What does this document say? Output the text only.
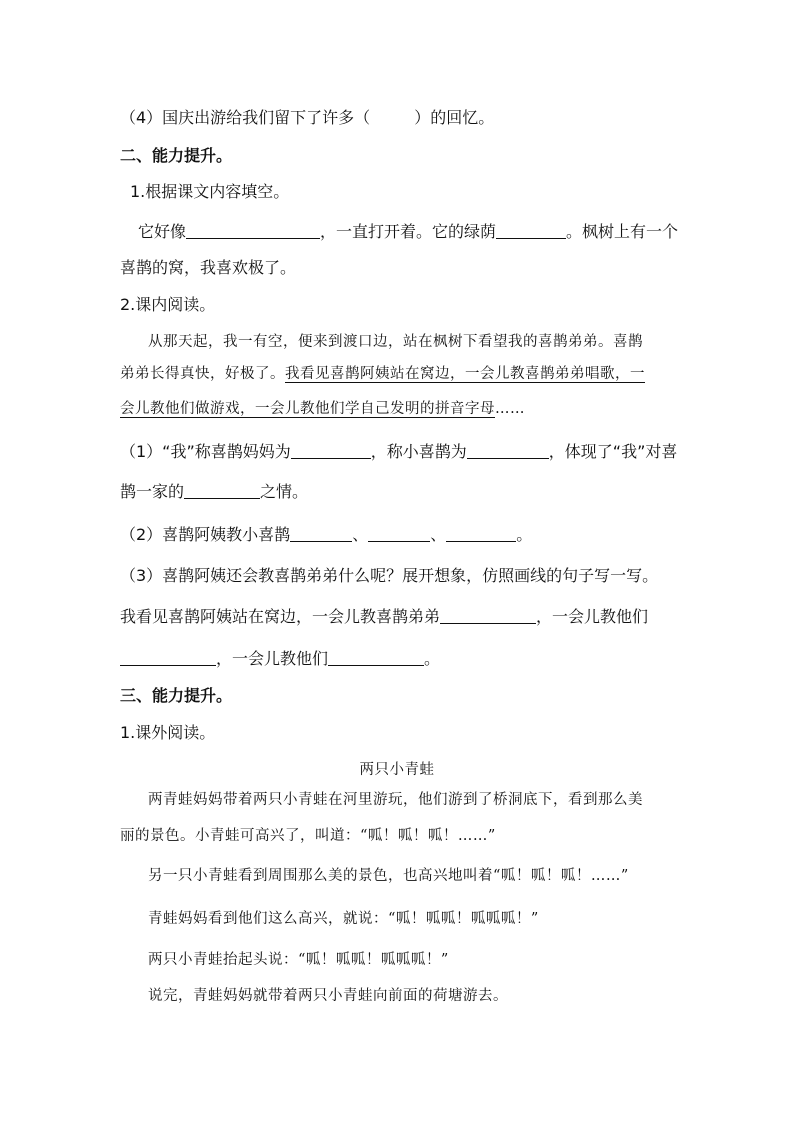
（4）国庆出游给我们留下了许多（	）的回忆。
二、能力提升。
1.根据课文内容填空。
它好像	，一直打开着。它的绿荫	。枫树上有一个
喜鹊的窝，我喜欢极了。
2.课内阅读。
从那天起，我一有空，便来到渡口边，站在枫树下看望我的喜鹊弟弟。喜鹊
弟弟长得真快，好极了。我看见喜鹊阿姨站在窝边，一会儿教喜鹊弟弟唱歌，一
会儿教他们做游戏，一会儿教他们学自己发明的拼音字母……
（1）“我”称喜鹊妈妈为	，称小喜鹊为	，体现了“我”对喜
鹊一家的	之情。
（2）喜鹊阿姨教小喜鹊	、	、	。
（3）喜鹊阿姨还会教喜鹊弟弟什么呢？展开想象，仿照画线的句子写一写。
我看见喜鹊阿姨站在窝边，一会儿教喜鹊弟弟	，一会儿教他们
，一会儿教他们	。
三、能力提升。
1.课外阅读。
两只小青蛙
两青蛙妈妈带着两只小青蛙在河里游玩，他们游到了桥洞底下，看到那么美
丽的景色。小青蛙可高兴了，叫道：“呱！呱！呱！……”
另一只小青蛙看到周围那么美的景色，也高兴地叫着“呱！呱！呱！……”
青蛙妈妈看到他们这么高兴，就说：“呱！呱呱！呱呱呱！”
两只小青蛙抬起头说：“呱！呱呱！呱呱呱！”
说完，青蛙妈妈就带着两只小青蛙向前面的荷塘游去。
